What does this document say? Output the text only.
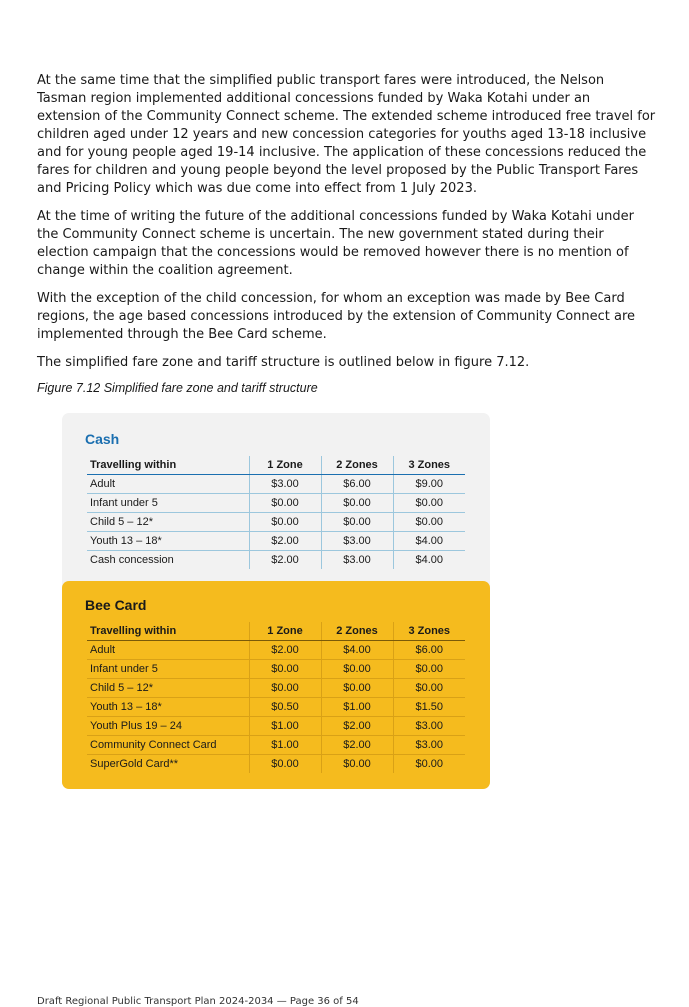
At the same time that the simplified public transport fares were introduced, the Nelson Tasman region implemented additional concessions funded by Waka Kotahi under an extension of the Community Connect scheme. The extended scheme introduced free travel for children aged under 12 years and new concession categories for youths aged 13-18 inclusive and for young people aged 19-14 inclusive. The application of these concessions reduced the fares for children and young people beyond the level proposed by the Public Transport Fares and Pricing Policy which was due come into effect from 1 July 2023.

At the time of writing the future of the additional concessions funded by Waka Kotahi under the Community Connect scheme is uncertain. The new government stated during their election campaign that the concessions would be removed however there is no mention of change within the coalition agreement.

With the exception of the child concession, for whom an exception was made by Bee Card regions, the age based concessions introduced by the extension of Community Connect are implemented through the Bee Card scheme.

The simplified fare zone and tariff structure is outlined below in figure 7.12.

Figure 7.12 Simplified fare zone and tariff structure

Cash
Travelling within	1 Zone	2 Zones	3 Zones
Adult	$3.00	$6.00	$9.00
Infant under 5	$0.00	$0.00	$0.00
Child 5 – 12*	$0.00	$0.00	$0.00
Youth 13 – 18*	$2.00	$3.00	$4.00
Cash concession	$2.00	$3.00	$4.00
Bee Card
Travelling within	1 Zone	2 Zones	3 Zones
Adult	$2.00	$4.00	$6.00
Infant under 5	$0.00	$0.00	$0.00
Child 5 – 12*	$0.00	$0.00	$0.00
Youth 13 – 18*	$0.50	$1.00	$1.50
Youth Plus 19 – 24	$1.00	$2.00	$3.00
Community Connect Card	$1.00	$2.00	$3.00
SuperGold Card**	$0.00	$0.00	$0.00
Draft Regional Public Transport Plan 2024-2034 — Page 36 of 54
